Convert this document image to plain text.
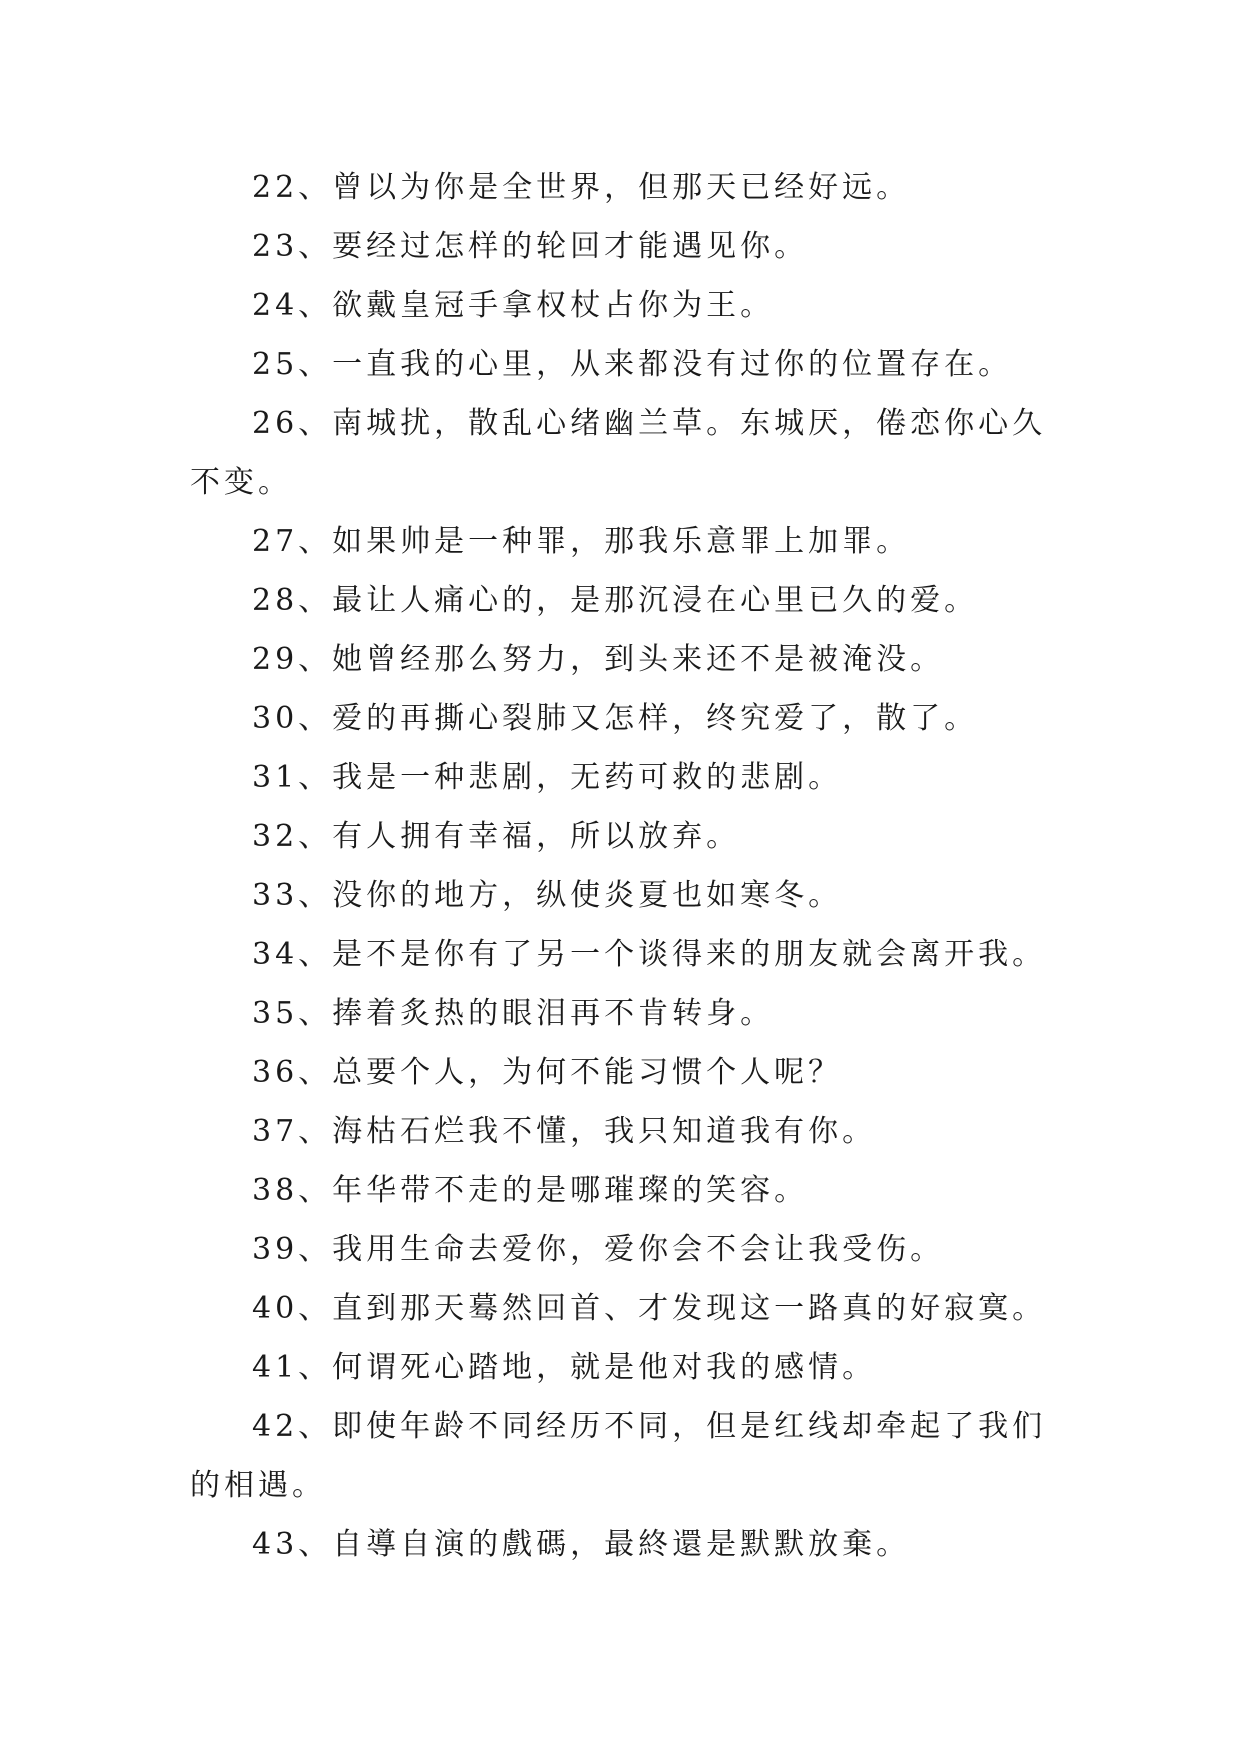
22、曾以为你是全世界，但那天已经好远。

23、要经过怎样的轮回才能遇见你。

24、欲戴皇冠手拿权杖占你为王。

25、一直我的心里，从来都没有过你的位置存在。

26、南城扰，散乱心绪幽兰草。东城厌，倦恋你心久不变。

27、如果帅是一种罪，那我乐意罪上加罪。

28、最让人痛心的，是那沉浸在心里已久的爱。

29、她曾经那么努力，到头来还不是被淹没。

30、爱的再撕心裂肺又怎样，终究爱了，散了。

31、我是一种悲剧，无药可救的悲剧。

32、有人拥有幸福，所以放弃。

33、没你的地方，纵使炎夏也如寒冬。

34、是不是你有了另一个谈得来的朋友就会离开我。

35、捧着炙热的眼泪再不肯转身。

36、总要个人，为何不能习惯个人呢？

37、海枯石烂我不懂，我只知道我有你。

38、年华带不走的是哪璀璨的笑容。

39、我用生命去爱你，爱你会不会让我受伤。

40、直到那天蓦然回首、才发现这一路真的好寂寞。

41、何谓死心踏地，就是他对我的感情。

42、即使年龄不同经历不同，但是红线却牵起了我们的相遇。

43、自導自演的戲碼，最終還是默默放棄。
